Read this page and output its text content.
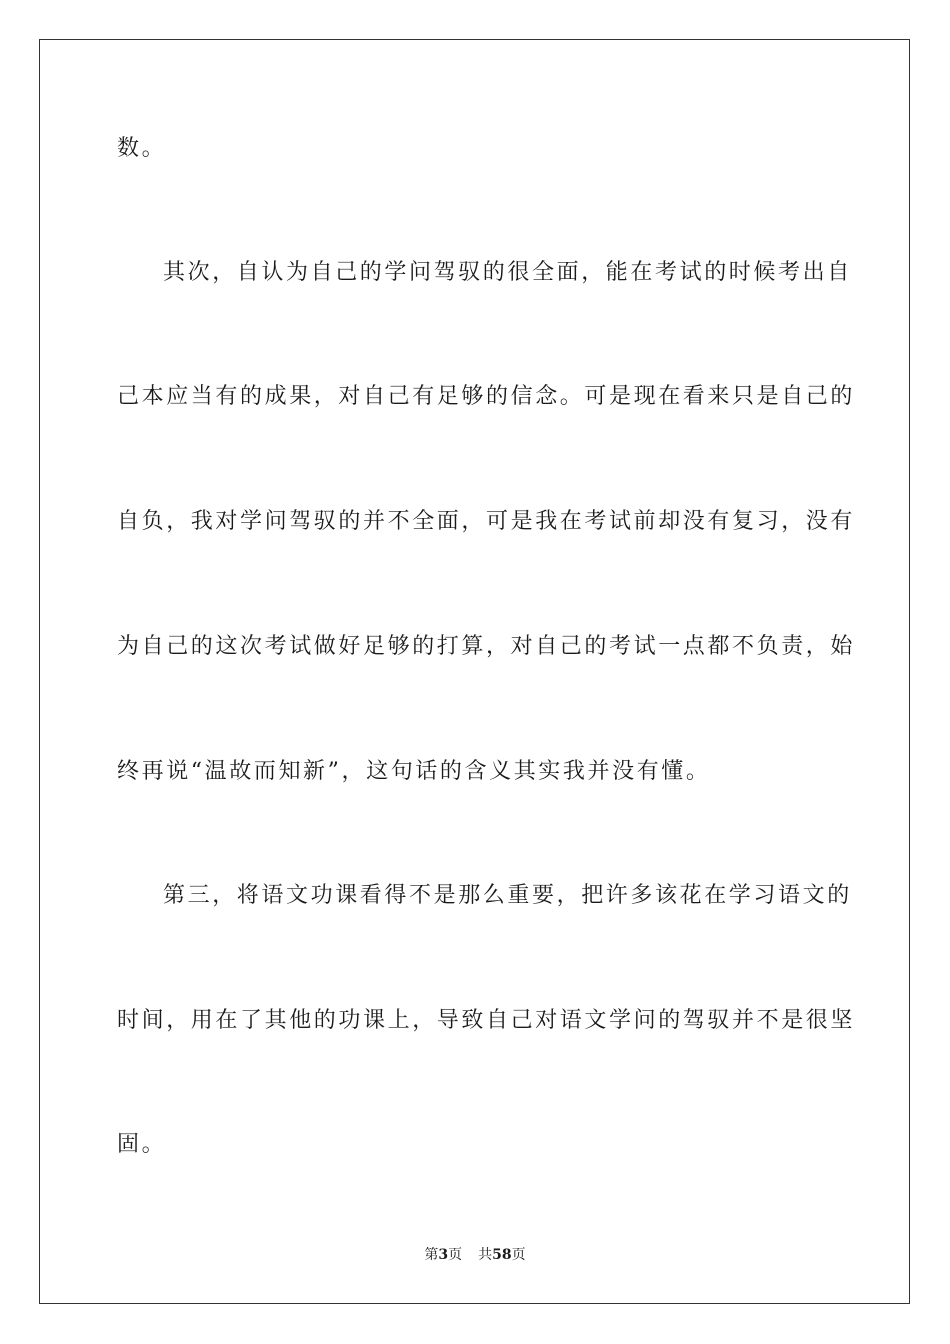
数。
其次，自认为自己的学问驾驭的很全面，能在考试的时候考出自
己本应当有的成果，对自己有足够的信念。可是现在看来只是自己的
自负，我对学问驾驭的并不全面，可是我在考试前却没有复习，没有
为自己的这次考试做好足够的打算，对自己的考试一点都不负责，始
终再说“温故而知新”，这句话的含义其实我并没有懂。
第三，将语文功课看得不是那么重要，把许多该花在学习语文的
时间，用在了其他的功课上，导致自己对语文学问的驾驭并不是很坚
固。
第3页 共58页
